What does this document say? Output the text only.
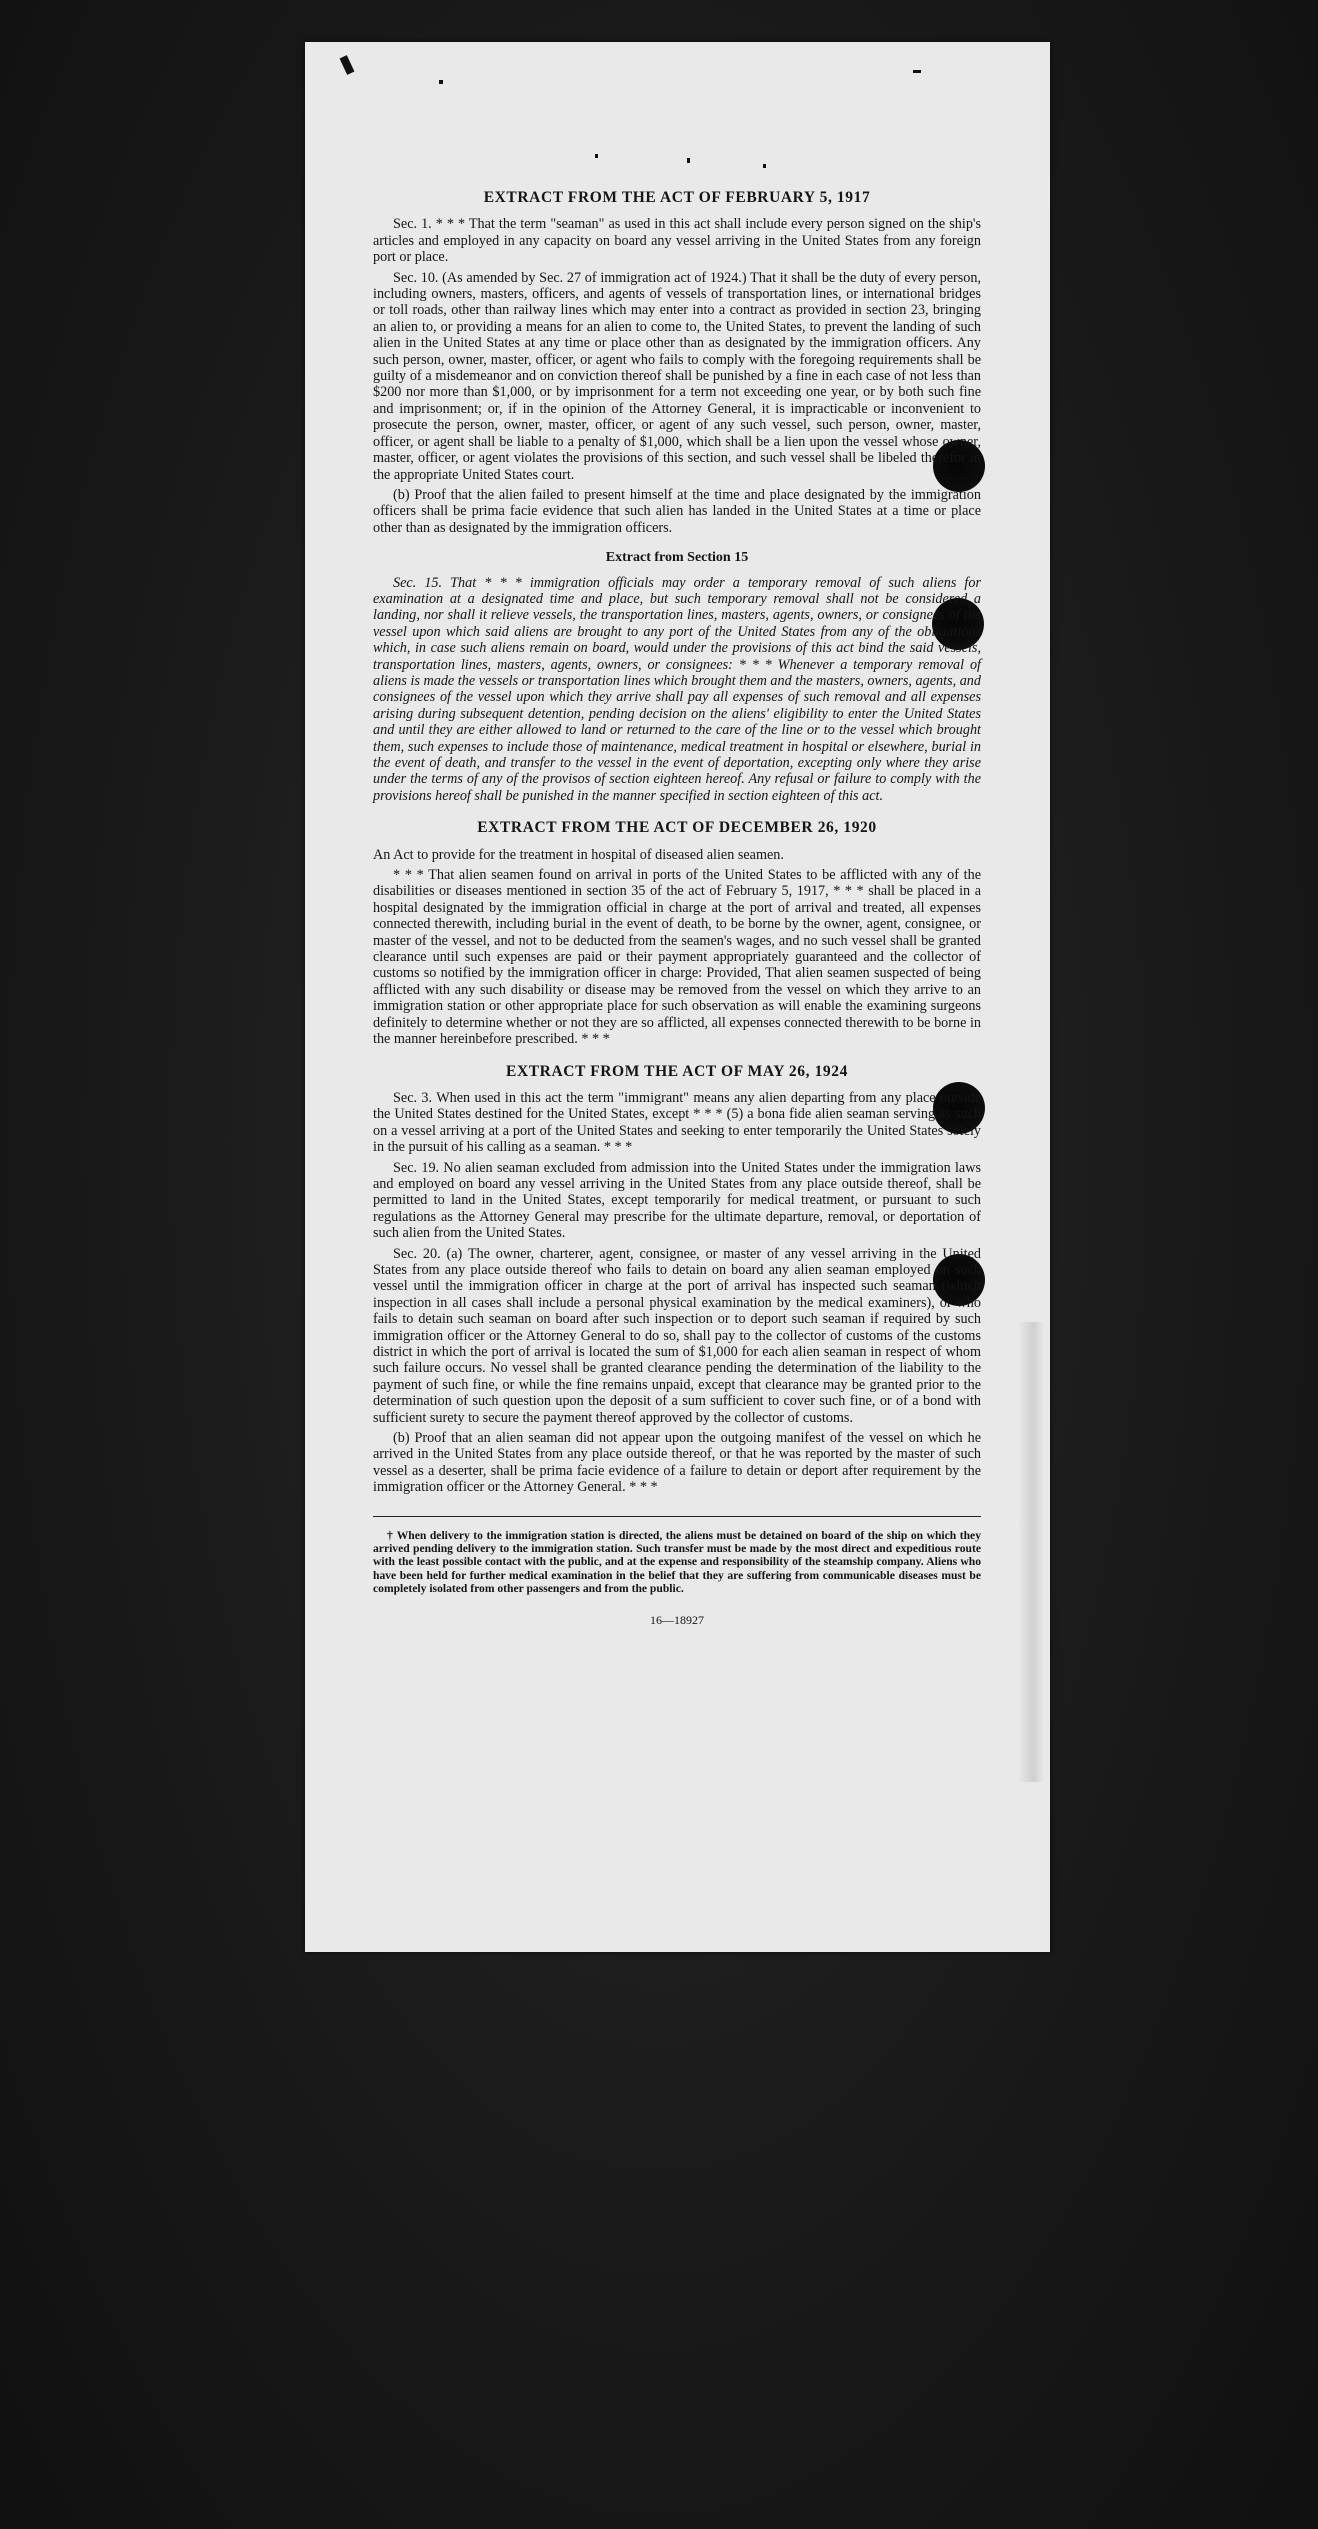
EXTRACT FROM THE ACT OF FEBRUARY 5, 1917

Sec. 1. * * * That the term "seaman" as used in this act shall include every person signed on the ship's articles and employed in any capacity on board any vessel arriving in the United States from any foreign port or place.

Sec. 10. (As amended by Sec. 27 of immigration act of 1924.) That it shall be the duty of every person, including owners, masters, officers, and agents of vessels of transportation lines, or international bridges or toll roads, other than railway lines which may enter into a contract as provided in section 23, bringing an alien to, or providing a means for an alien to come to, the United States, to prevent the landing of such alien in the United States at any time or place other than as designated by the immigration officers. Any such person, owner, master, officer, or agent who fails to comply with the foregoing requirements shall be guilty of a misdemeanor and on conviction thereof shall be punished by a fine in each case of not less than $200 nor more than $1,000, or by imprisonment for a term not exceeding one year, or by both such fine and imprisonment; or, if in the opinion of the Attorney General, it is impracticable or inconvenient to prosecute the person, owner, master, officer, or agent of any such vessel, such person, owner, master, officer, or agent shall be liable to a penalty of $1,000, which shall be a lien upon the vessel whose owner, master, officer, or agent violates the provisions of this section, and such vessel shall be libeled therefor in the appropriate United States court.

(b) Proof that the alien failed to present himself at the time and place designated by the immigration officers shall be prima facie evidence that such alien has landed in the United States at a time or place other than as designated by the immigration officers.

Extract from Section 15

Sec. 15. That * * * immigration officials may order a temporary removal of such aliens for examination at a designated time and place, but such temporary removal shall not be considered a landing, nor shall it relieve vessels, the transportation lines, masters, agents, owners, or consignees of the vessel upon which said aliens are brought to any port of the United States from any of the obligations which, in case such aliens remain on board, would under the provisions of this act bind the said vessels, transportation lines, masters, agents, owners, or consignees: * * * Whenever a temporary removal of aliens is made the vessels or transportation lines which brought them and the masters, owners, agents, and consignees of the vessel upon which they arrive shall pay all expenses of such removal and all expenses arising during subsequent detention, pending decision on the aliens' eligibility to enter the United States and until they are either allowed to land or returned to the care of the line or to the vessel which brought them, such expenses to include those of maintenance, medical treatment in hospital or elsewhere, burial in the event of death, and transfer to the vessel in the event of deportation, excepting only where they arise under the terms of any of the provisos of section eighteen hereof. Any refusal or failure to comply with the provisions hereof shall be punished in the manner specified in section eighteen of this act.

EXTRACT FROM THE ACT OF DECEMBER 26, 1920

An Act to provide for the treatment in hospital of diseased alien seamen.

* * * That alien seamen found on arrival in ports of the United States to be afflicted with any of the disabilities or diseases mentioned in section 35 of the act of February 5, 1917, * * * shall be placed in a hospital designated by the immigration official in charge at the port of arrival and treated, all expenses connected therewith, including burial in the event of death, to be borne by the owner, agent, consignee, or master of the vessel, and not to be deducted from the seamen's wages, and no such vessel shall be granted clearance until such expenses are paid or their payment appropriately guaranteed and the collector of customs so notified by the immigration officer in charge: Provided, That alien seamen suspected of being afflicted with any such disability or disease may be removed from the vessel on which they arrive to an immigration station or other appropriate place for such observation as will enable the examining surgeons definitely to determine whether or not they are so afflicted, all expenses connected therewith to be borne in the manner hereinbefore prescribed. * * *

EXTRACT FROM THE ACT OF MAY 26, 1924

Sec. 3. When used in this act the term "immigrant" means any alien departing from any place outside the United States destined for the United States, except * * * (5) a bona fide alien seaman serving as such on a vessel arriving at a port of the United States and seeking to enter temporarily the United States solely in the pursuit of his calling as a seaman. * * *

Sec. 19. No alien seaman excluded from admission into the United States under the immigration laws and employed on board any vessel arriving in the United States from any place outside thereof, shall be permitted to land in the United States, except temporarily for medical treatment, or pursuant to such regulations as the Attorney General may prescribe for the ultimate departure, removal, or deportation of such alien from the United States.

Sec. 20. (a) The owner, charterer, agent, consignee, or master of any vessel arriving in the United States from any place outside thereof who fails to detain on board any alien seaman employed on such vessel until the immigration officer in charge at the port of arrival has inspected such seaman (which inspection in all cases shall include a personal physical examination by the medical examiners), or who fails to detain such seaman on board after such inspection or to deport such seaman if required by such immigration officer or the Attorney General to do so, shall pay to the collector of customs of the customs district in which the port of arrival is located the sum of $1,000 for each alien seaman in respect of whom such failure occurs. No vessel shall be granted clearance pending the determination of the liability to the payment of such fine, or while the fine remains unpaid, except that clearance may be granted prior to the determination of such question upon the deposit of a sum sufficient to cover such fine, or of a bond with sufficient surety to secure the payment thereof approved by the collector of customs.

(b) Proof that an alien seaman did not appear upon the outgoing manifest of the vessel on which he arrived in the United States from any place outside thereof, or that he was reported by the master of such vessel as a deserter, shall be prima facie evidence of a failure to detain or deport after requirement by the immigration officer or the Attorney General. * * *

† When delivery to the immigration station is directed, the aliens must be detained on board of the ship on which they arrived pending delivery to the immigration station. Such transfer must be made by the most direct and expeditious route with the least possible contact with the public, and at the expense and responsibility of the steamship company. Aliens who have been held for further medical examination in the belief that they are suffering from communicable diseases must be completely isolated from other passengers and from the public.

16—18927
